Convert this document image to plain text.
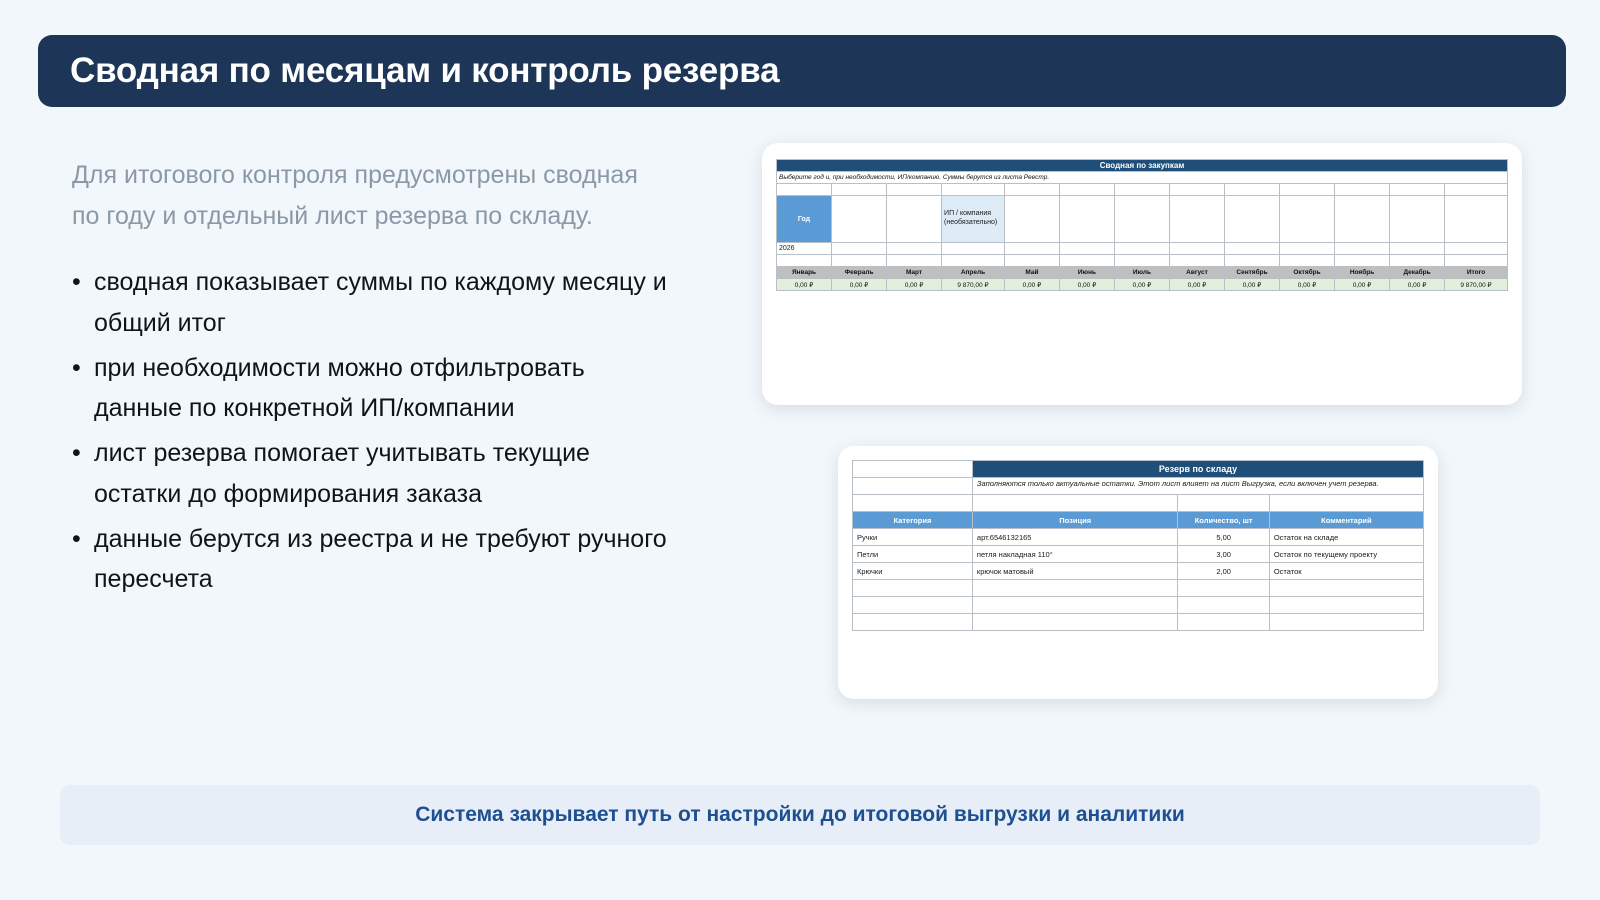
Сводная по месяцам и контроль резерва

Для итогового контроля предусмотрены сводная по году и отдельный лист резерва по складу.

• сводная показывает суммы по каждому месяцу и общий итог
• при необходимости можно отфильтровать данные по конкретной ИП/компании
• лист резерва помогает учитывать текущие остатки до формирования заказа
• данные берутся из реестра и не требуют ручного пересчета
Сводная по закупкам												
Выберите год и, при необходимости, ИП/компанию. Суммы берутся из листа Реестр.												

Год			ИП / компания (необязательно)									
2026												

Январь	Февраль	Март	Апрель	Май	Июнь	Июль	Август	Сентябрь	Октябрь	Ноябрь	Декабрь	Итого
0,00 ₽	0,00 ₽	0,00 ₽	9 870,00 ₽	0,00 ₽	0,00 ₽	0,00 ₽	0,00 ₽	0,00 ₽	0,00 ₽	0,00 ₽	0,00 ₽	9 870,00 ₽
	Резерв по складу		
	Заполняются только актуальные остатки. Этот лист влияет на лист Выгрузка, если включен учет резерва.		

Категория	Позиция	Количество, шт	Комментарий
Ручки	арт.6546132165	5,00	Остаток на складе
Петли	петля накладная 110°	3,00	Остаток по текущему проекту
Крючки	крючок матовый	2,00	Остаток

Система закрывает путь от настройки до итоговой выгрузки и аналитики
